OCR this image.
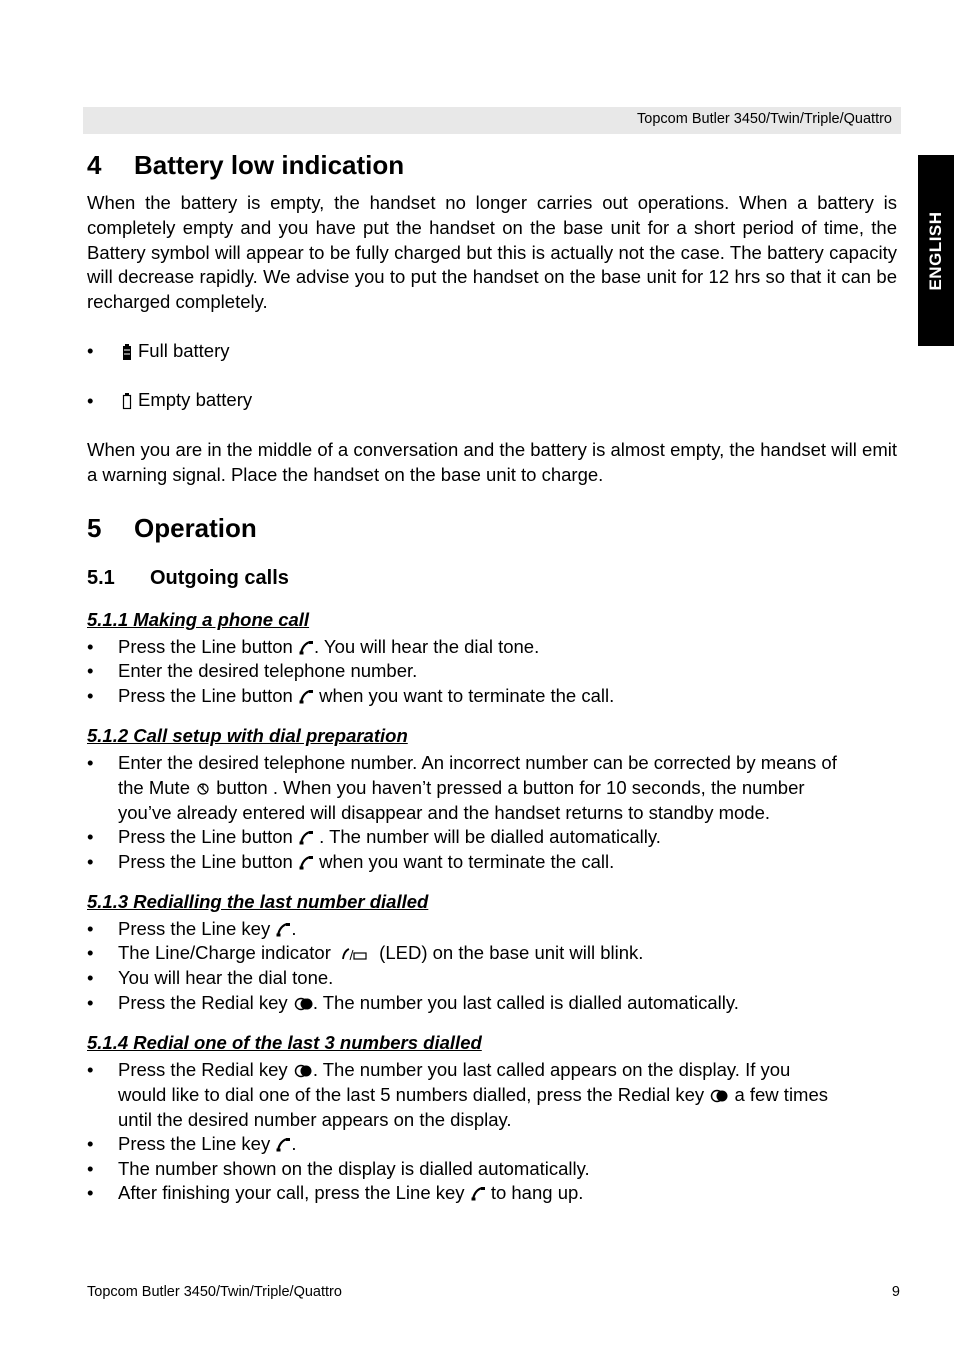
Topcom Butler 3450/Twin/Triple/Quattro
ENGLISH
4 Battery low indication
When the battery is empty, the handset no longer carries out operations. When a battery is completely empty and you have put the handset on the base unit for a short period of time, the Battery symbol will appear to be fully charged but this is actually not the case. The battery capacity will decrease rapidly. We advise you to put the handset on the base unit for 12 hrs so that it can be recharged completely.
•	Full battery
•	Empty battery
When you are in the middle of a conversation and the battery is almost empty, the handset will emit a warning signal. Place the handset on the base unit to charge.
5 Operation
5.1 Outgoing calls
5.1.1 Making a phone call
• Press the Line button . You will hear the dial tone.
• Enter the desired telephone number.
• Press the Line button when you want to terminate the call.
5.1.2 Call setup with dial preparation
• Enter the desired telephone number. An incorrect number can be corrected by means of
the Mute button . When you haven’t pressed a button for 10 seconds, the number
you’ve already entered will disappear and the handset returns to standby mode.
• Press the Line button . The number will be dialled automatically.
• Press the Line button when you want to terminate the call.
5.1.3 Redialling the last number dialled
• Press the Line key .
• The Line/Charge indicator	(LED) on the base unit will blink.
• You will hear the dial tone.
• Press the Redial key . The number you last called is dialled automatically.
5.1.4 Redial one of the last 3 numbers dialled
• Press the Redial key . The number you last called appears on the display. If you
would like to dial one of the last 5 numbers dialled, press the Redial key a few times
until the desired number appears on the display.
• Press the Line key .
• The number shown on the display is dialled automatically.
• After finishing your call, press the Line key to hang up.
Topcom Butler 3450/Twin/Triple/Quattro	9
